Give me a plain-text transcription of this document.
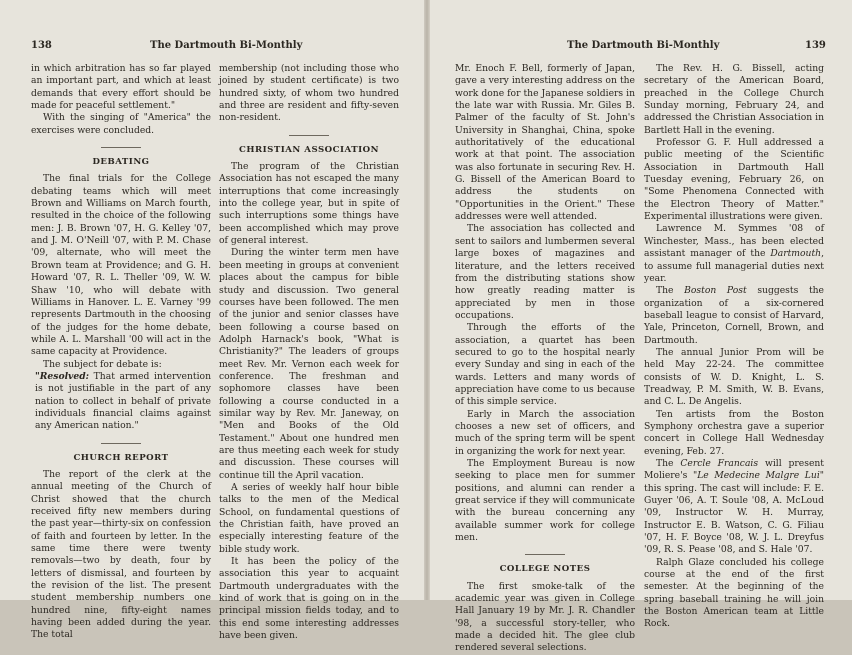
138	The Dartmouth Bi-Monthly

in which arbitration has so far played an important part, and which at least demands that every effort should be made for peaceful settlement."

With the singing of "America" the exercises were concluded.

DEBATING

The final trials for the College debating teams which will meet Brown and Williams on March fourth, resulted in the choice of the following men: J. B. Brown '07, H. G. Kelley '07, and J. M. O'Neill '07, with P. M. Chase '09, alternate, who will meet the Brown team at Providence; and G. H. Howard '07, R. L. Theller '09, W. W. Shaw '10, who will debate with Williams in Hanover. L. E. Varney '99 represents Dartmouth in the choosing of the judges for the home debate, while A. L. Marshall '00 will act in the same capacity at Providence.

The subject for debate is:

"Resolved: That armed intervention is not justifiable in the part of any nation to collect in behalf of private individuals financial claims against any American nation."

CHURCH REPORT

The report of the clerk at the annual meeting of the Church of Christ showed that the church received fifty new members during the past year—thirty-six on confession of faith and fourteen by letter. In the same time there were twenty removals—two by death, four by letters of dismissal, and fourteen by the revision of the list. The present student membership numbers one hundred nine, fifty-eight names having been added during the year. The total

membership (not including those who joined by student certificate) is two hundred sixty, of whom two hundred and three are resident and fifty-seven non-resident.

CHRISTIAN ASSOCIATION

The program of the Christian Association has not escaped the many interruptions that come increasingly into the college year, but in spite of such interruptions some things have been accomplished which may prove of general interest.

During the winter term men have been meeting in groups at convenient places about the campus for bible study and discussion. Two general courses have been followed. The men of the junior and senior classes have been following a course based on Adolph Harnack's book, "What is Christianity?" The leaders of groups meet Rev. Mr. Vernon each week for conference. The freshman and sophomore classes have been following a course conducted in a similar way by Rev. Mr. Janeway, on "Men and Books of the Old Testament." About one hundred men are thus meeting each week for study and discussion. These courses will continue till the April vacation.

A series of weekly half hour bible talks to the men of the Medical School, on fundamental questions of the Christian faith, have proved an especially interesting feature of the bible study work.

It has been the policy of the association this year to acquaint Dartmouth undergraduates with the kind of work that is going on in the principal mission fields today, and to this end some interesting addresses have been given.

The Dartmouth Bi-Monthly	139

Mr. Enoch F. Bell, formerly of Japan, gave a very interesting address on the work done for the Japanese soldiers in the late war with Russia. Mr. Giles B. Palmer of the faculty of St. John's University in Shanghai, China, spoke authoritatively of the educational work at that point. The association was also fortunate in securing Rev. H. G. Bissell of the American Board to address the students on "Opportunities in the Orient." These addresses were well attended.

The association has collected and sent to sailors and lumbermen several large boxes of magazines and literature, and the letters received from the distributing stations show how greatly reading matter is appreciated by men in those occupations.

Through the efforts of the association, a quartet has been secured to go to the hospital nearly every Sunday and sing in each of the wards. Letters and many words of appreciation have come to us because of this simple service.

Early in March the association chooses a new set of officers, and much of the spring term will be spent in organizing the work for next year.

The Employment Bureau is now seeking to place men for summer positions, and alumni can render a great service if they will communicate with the bureau concerning any available summer work for college men.

COLLEGE NOTES

The first smoke-talk of the academic year was given in College Hall January 19 by Mr. J. R. Chandler '98, a successful story-teller, who made a decided hit. The glee club rendered several selections.

The Rev. H. G. Bissell, acting secretary of the American Board, preached in the College Church Sunday morning, February 24, and addressed the Christian Association in Bartlett Hall in the evening.

Professor G. F. Hull addressed a public meeting of the Scientific Association in Dartmouth Hall Tuesday evening, February 26, on "Some Phenomena Connected with the Electron Theory of Matter." Experimental illustrations were given.

Lawrence M. Symmes '08 of Winchester, Mass., has been elected assistant manager of the Dartmouth, to assume full managerial duties next year.

The Boston Post suggests the organization of a six-cornered baseball league to consist of Harvard, Yale, Princeton, Cornell, Brown, and Dartmouth.

The annual Junior Prom will be held May 22-24. The committee consists of W. D. Knight, L. S. Treadway, P. M. Smith, W. B. Evans, and C. L. De Angelis.

Ten artists from the Boston Symphony orchestra gave a superior concert in College Hall Wednesday evening, Feb. 27.

The Cercle Francais will present Moliere's "Le Medecine Malgre Lui" this spring. The cast will include: F. E. Guyer '06, A. T. Soule '08, A. McLoud '09, Instructor W. H. Murray, Instructor E. B. Watson, C. G. Filiau '07, H. F. Boyce '08, W. J. L. Dreyfus '09, R. S. Pease '08, and S. Hale '07.

Ralph Glaze concluded his college course at the end of the first semester. At the beginning of the spring baseball training he will join the Boston American team at Little Rock.
